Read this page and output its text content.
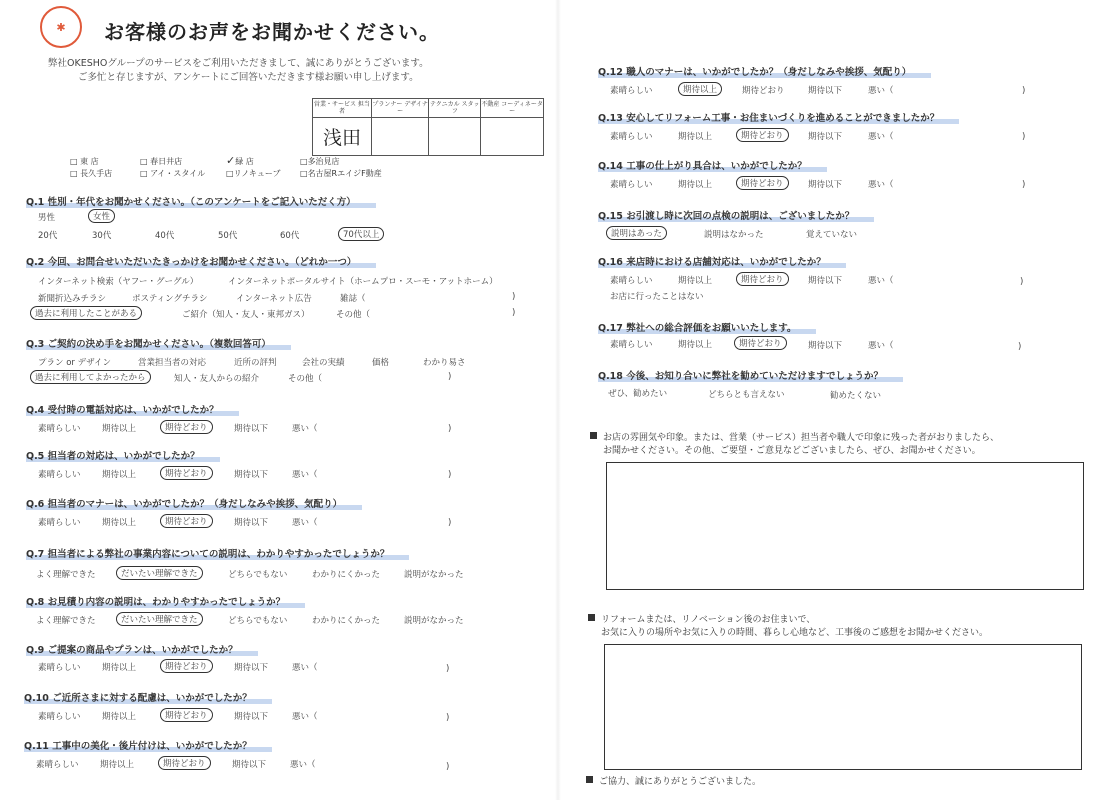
✱	お客様のお声をお聞かせください。
弊社OKESHOグループのサービスをご利用いただきまして、誠にありがとうございます。
ご多忙と存じますが、アンケートにご回答いただきます様お願い申し上げます。
営業・サービス 担当者	プランナー デザイナー	テクニカル スタッフ	不動産 コーディネーター
浅田			
□ 東 店	□ 春日井店	✓緑 店	□多治見店
□ 長久手店	□ アイ・スタイル	□リノキューブ □名古屋RエイジF動産
Q.1 性別・年代をお聞かせください。（このアンケートをご記入いただく方）
男性	女性
20代	30代	40代	50代	60代	70代以上
Q.2 今回、お問合せいただいたきっかけをお聞かせください。（どれか一つ）
インターネット検索（ヤフー・グーグル）	インターネットポータルサイト（ホームプロ・スーモ・アットホーム）
新聞折込みチラシ	ポスティングチラシ	インターネット広告	雑誌（	)
過去に利用したことがある	ご紹介（知人・友人・東邦ガス）	その他（	)
Q.3 ご契約の決め手をお聞かせください。（複数回答可）
プラン or デザイン	営業担当者の対応	近所の評判	会社の実績	価格	わかり易さ
過去に利用してよかったから	知人・友人からの紹介	その他（	)
Q.4 受付時の電話対応は、いかがでしたか？
素晴らしい	期待以上	期待どおり	期待以下	悪い（	)
Q.5 担当者の対応は、いかがでしたか？
素晴らしい	期待以上	期待どおり	期待以下	悪い（	)
Q.6 担当者のマナーは、いかがでしたか？（身だしなみや挨拶、気配り）
素晴らしい	期待以上	期待どおり	期待以下	悪い（	)
Q.7 担当者による弊社の事業内容についての説明は、わかりやすかったでしょうか？
よく理解できた	だいたい理解できた	どちらでもない	わかりにくかった	説明がなかった
Q.8 お見積り内容の説明は、わかりやすかったでしょうか？
よく理解できた	だいたい理解できた	どちらでもない	わかりにくかった	説明がなかった
Q.9 ご提案の商品やプランは、いかがでしたか？
素晴らしい	期待以上	期待どおり	期待以下	悪い（	)
Q.10 ご近所さまに対する配慮は、いかがでしたか？
素晴らしい	期待以上	期待どおり	期待以下	悪い（	)
Q.11 工事中の美化・後片付けは、いかがでしたか？
素晴らしい	期待以上	期待どおり	期待以下	悪い（	)
Q.12 職人のマナーは、いかがでしたか？（身だしなみや挨拶、気配り）
素晴らしい	期待以上	期待どおり	期待以下	悪い（	)
Q.13 安心してリフォーム工事・お住まいづくりを進めることができましたか？
素晴らしい	期待以上	期待どおり	期待以下	悪い（	)
Q.14 工事の仕上がり具合は、いかがでしたか？
素晴らしい	期待以上	期待どおり	期待以下	悪い（	)
Q.15 お引渡し時に次回の点検の説明は、ございましたか？
説明はあった	説明はなかった	覚えていない
Q.16 来店時における店舗対応は、いかがでしたか？
素晴らしい	期待以上	期待どおり	期待以下	悪い（	)
お店に行ったことはない
Q.17 弊社への総合評価をお願いいたします。
素晴らしい	期待以上	期待どおり	期待以下	悪い（	)
Q.18 今後、お知り合いに弊社を勧めていただけますでしょうか？
ぜひ、勧めたい	どちらとも言えない	勧めたくない
お店の雰囲気や印象。または、営業（サービス）担当者や職人で印象に残った者がおりましたら、
お聞かせください。その他、ご要望・ご意見などございましたら、ぜひ、お聞かせください。
リフォームまたは、リノベーション後のお住まいで、
お気に入りの場所やお気に入りの時間、暮らし心地など、工事後のご感想をお聞かせください。
ご協力、誠にありがとうございました。
